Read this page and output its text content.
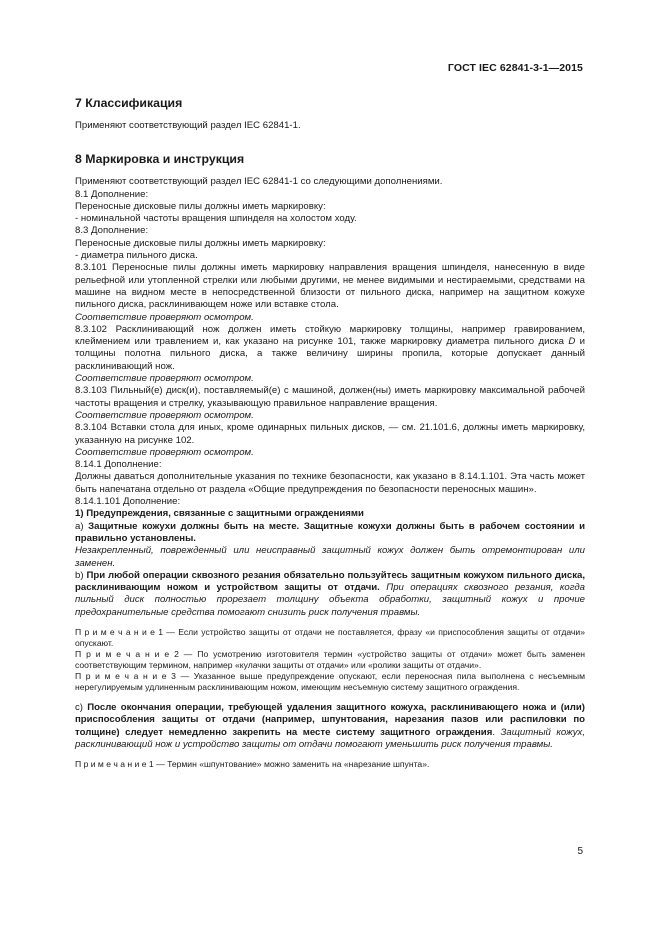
ГОСТ IEC 62841-3-1—2015
7 Классификация

Применяют соответствующий раздел IEC 62841-1.

8 Маркировка и инструкция

Применяют соответствующий раздел IEC 62841-1 со следующими дополнениями.

8.1 Дополнение:

Переносные дисковые пилы должны иметь маркировку:

- номинальной частоты вращения шпинделя на холостом ходу.

8.3 Дополнение:

Переносные дисковые пилы должны иметь маркировку:

- диаметра пильного диска.

8.3.101 Переносные пилы должны иметь маркировку направления вращения шпинделя, нанесенную в виде рельефной или утопленной стрелки или любыми другими, не менее видимыми и нестираемыми, средствами на машине на видном месте в непосредственной близости от пильного диска, например на защитном кожухе пильного диска, расклинивающем ноже или вставке стола.

Соответствие проверяют осмотром.

8.3.102 Расклинивающий нож должен иметь стойкую маркировку толщины, например гравированием, клеймением или травлением и, как указано на рисунке 101, также маркировку диаметра пильного диска D и толщины полотна пильного диска, а также величину ширины пропила, которые допускает данный расклинивающий нож.

Соответствие проверяют осмотром.

8.3.103 Пильный(е) диск(и), поставляемый(е) с машиной, должен(ны) иметь маркировку максимальной рабочей частоты вращения и стрелку, указывающую правильное направление вращения.

Соответствие проверяют осмотром.

8.3.104 Вставки стола для иных, кроме одинарных пильных дисков, — см. 21.101.6, должны иметь маркировку, указанную на рисунке 102.

Соответствие проверяют осмотром.

8.14.1 Дополнение:

Должны даваться дополнительные указания по технике безопасности, как указано в 8.14.1.101. Эта часть может быть напечатана отдельно от раздела «Общие предупреждения по безопасности переносных машин».

8.14.1.101 Дополнение:

1) Предупреждения, связанные с защитными ограждениями

а) Защитные кожухи должны быть на месте. Защитные кожухи должны быть в рабочем состоянии и правильно установлены.

Незакрепленный, поврежденный или неисправный защитный кожух должен быть отремонтирован или заменен.

b) При любой операции сквозного резания обязательно пользуйтесь защитным кожухом пильного диска, расклинивающим ножом и устройством защиты от отдачи. При операциях сквозного резания, когда пильный диск полностью прорезает толщину объекта обработки, защитный кожух и прочие предохранительные средства помогают снизить риск получения травмы.

П р и м е ч а н и е 1 — Если устройство защиты от отдачи не поставляется, фразу «и приспособления защиты от отдачи» опускают.

П р и м е ч а н и е 2 — По усмотрению изготовителя термин «устройство защиты от отдачи» может быть заменен соответствующим термином, например «кулачки защиты от отдачи» или «ролики защиты от отдачи».

П р и м е ч а н и е 3 — Указанное выше предупреждение опускают, если переносная пила выполнена с несъемным нерегулируемым удлиненным расклинивающим ножом, имеющим несъемную систему защитного ограждения.

с) После окончания операции, требующей удаления защитного кожуха, расклинивающего ножа и (или) приспособления защиты от отдачи (например, шпунтования, нарезания пазов или распиловки по толщине) следует немедленно закрепить на месте систему защитного ограждения. Защитный кожух, расклинивающий нож и устройство защиты от отдачи помогают уменьшить риск получения травмы.

П р и м е ч а н и е 1 — Термин «шпунтование» можно заменить на «нарезание шпунта».

5
